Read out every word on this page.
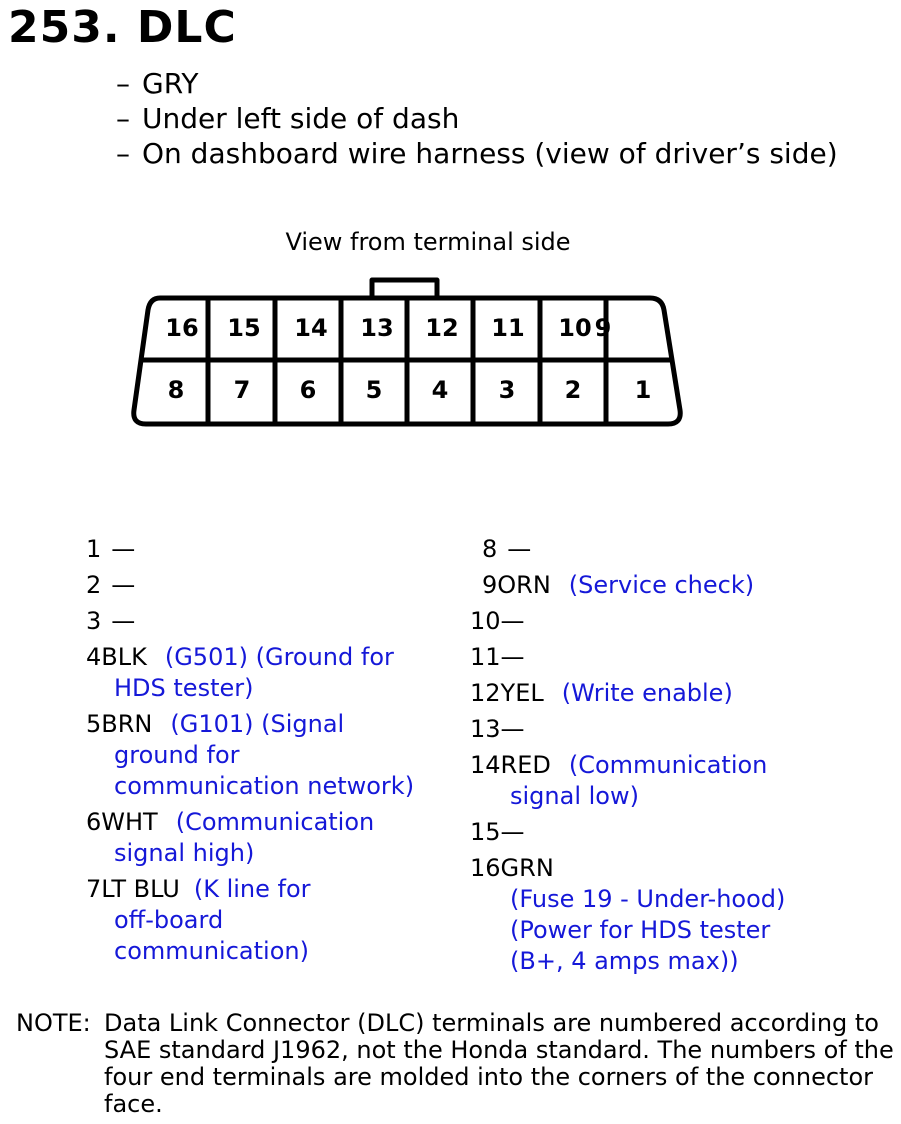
253. DLC
– GRY
– Under left side of dash
– On dashboard wire harness (view of driver’s side)
View from terminal side
16 15 14 13 12 11 10 9
8 7 6 5 4 3 2 1
1 —
2 —
3 —
4BLK (G501) (Ground for
HDS tester)
5BRN (G101) (Signal
ground for
communication network)
6WHT (Communication
signal high)
7LT BLU (K line for
off-board
communication)
8 —
9ORN (Service check)
10—
11—
12YEL (Write enable)
13—
14RED (Communication
signal low)
15—
16GRN
(Fuse 19 - Under-hood)
(Power for HDS tester
(B+, 4 amps max))
NOTE: Data Link Connector (DLC) terminals are numbered according to SAE standard J1962, not the Honda standard. The numbers of the four end terminals are molded into the corners of the connector face.
